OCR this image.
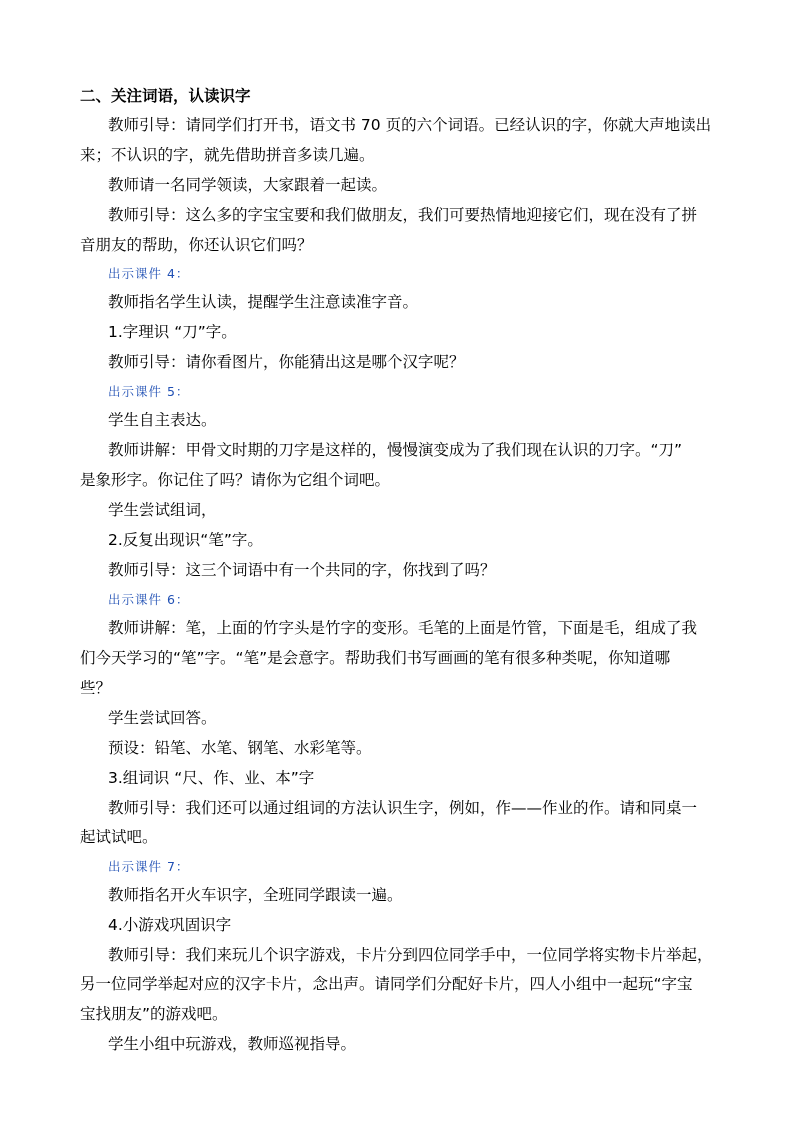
二、关注词语，认读识字
教师引导：请同学们打开书，语文书 70 页的六个词语。已经认识的字，你就大声地读出
来；不认识的字，就先借助拼音多读几遍。
教师请一名同学领读，大家跟着一起读。
教师引导：这么多的字宝宝要和我们做朋友，我们可要热情地迎接它们，现在没有了拼
音朋友的帮助，你还认识它们吗？
出示课件 4：
教师指名学生认读，提醒学生注意读准字音。
1.字理识 “刀”字。
教师引导：请你看图片，你能猜出这是哪个汉字呢？
出示课件 5：
学生自主表达。
教师讲解：甲骨文时期的刀字是这样的，慢慢演变成为了我们现在认识的刀字。“刀”
是象形字。你记住了吗？请你为它组个词吧。
学生尝试组词，
2.反复出现识“笔”字。
教师引导：这三个词语中有一个共同的字，你找到了吗？
出示课件 6：
教师讲解：笔，上面的竹字头是竹字的变形。毛笔的上面是竹管，下面是毛，组成了我
们今天学习的“笔”字。“笔”是会意字。帮助我们书写画画的笔有很多种类呢，你知道哪
些？
学生尝试回答。
预设：铅笔、水笔、钢笔、水彩笔等。
3.组词识 “尺、作、业、本”字
教师引导：我们还可以通过组词的方法认识生字，例如，作——作业的作。请和同桌一
起试试吧。
出示课件 7：
教师指名开火车识字，全班同学跟读一遍。
4.小游戏巩固识字
教师引导：我们来玩儿个识字游戏，卡片分到四位同学手中，一位同学将实物卡片举起，
另一位同学举起对应的汉字卡片，念出声。请同学们分配好卡片，四人小组中一起玩“字宝
宝找朋友”的游戏吧。
学生小组中玩游戏，教师巡视指导。
